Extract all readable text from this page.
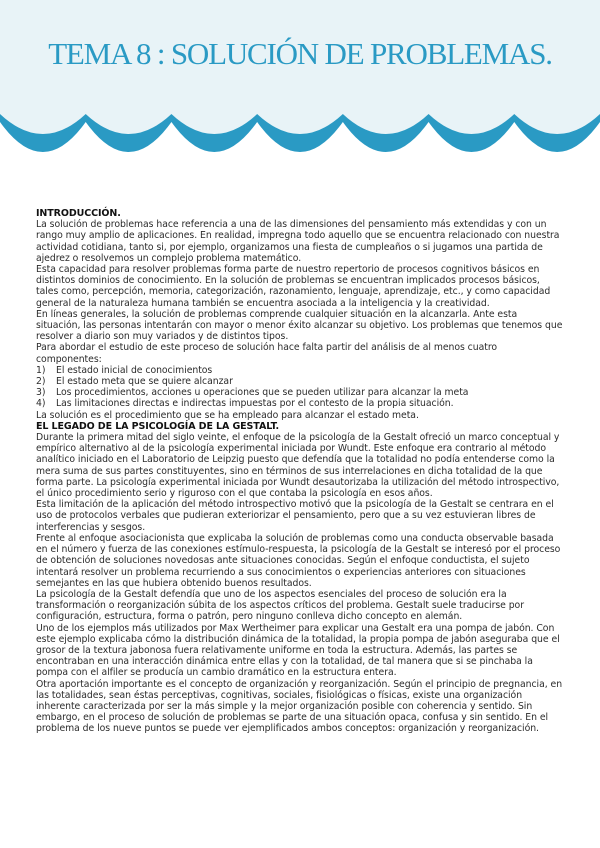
TEMA 8 : SOLUCIÓN DE PROBLEMAS.

INTRODUCCIÓN.

La solución de problemas hace referencia a una de las dimensiones del pensamiento más extendidas y con un rango muy amplio de aplicaciones. En realidad, impregna todo aquello que se encuentra relacionado con nuestra actividad cotidiana, tanto si, por ejemplo, organizamos una fiesta de cumpleaños o si jugamos una partida de ajedrez o resolvemos un complejo problema matemático.

Esta capacidad para resolver problemas forma parte de nuestro repertorio de procesos cognitivos básicos en distintos dominios de conocimiento. En la solución de problemas se encuentran implicados procesos básicos, tales como, percepción, memoria, categorización, razonamiento, lenguaje, aprendizaje, etc., y como capacidad general de la naturaleza humana también se encuentra asociada a la inteligencia y la creatividad.

En líneas generales, la solución de problemas comprende cualquier situación en la alcanzarla. Ante esta situación, las personas intentarán con mayor o menor éxito alcanzar su objetivo. Los problemas que tenemos que resolver a diario son muy variados y de distintos tipos.

Para abordar el estudio de este proceso de solución hace falta partir del análisis de al menos cuatro componentes:

1) El estado inicial de conocimientos
2) El estado meta que se quiere alcanzar
3) Los procedimientos, acciones u operaciones que se pueden utilizar para alcanzar la meta
4) Las limitaciones directas e indirectas impuestas por el contesto de la propia situación.

La solución es el procedimiento que se ha empleado para alcanzar el estado meta.

EL LEGADO DE LA PSICOLOGÍA DE LA GESTALT.

Durante la primera mitad del siglo veinte, el enfoque de la psicología de la Gestalt ofreció un marco conceptual y empírico alternativo al de la psicología experimental iniciada por Wundt. Este enfoque era contrario al método analítico iniciado en el Laboratorio de Leipzig puesto que defendía que la totalidad no podía entenderse como la mera suma de sus partes constituyentes, sino en términos de sus interrelaciones en dicha totalidad de la que forma parte. La psicología experimental iniciada por Wundt desautorizaba la utilización del método introspectivo, el único procedimiento serio y riguroso con el que contaba la psicología en esos años.

Esta limitación de la aplicación del método introspectivo motivó que la psicología de la Gestalt se centrara en el uso de protocolos verbales que pudieran exteriorizar el pensamiento, pero que a su vez estuvieran libres de interferencias y sesgos.

Frente al enfoque asociacionista que explicaba la solución de problemas como una conducta observable basada en el número y fuerza de las conexiones estímulo-respuesta, la psicología de la Gestalt se interesó por el proceso de obtención de soluciones novedosas ante situaciones conocidas. Según el enfoque conductista, el sujeto intentará resolver un problema recurriendo a sus conocimientos o experiencias anteriores con situaciones semejantes en las que hubiera obtenido buenos resultados.

La psicología de la Gestalt defendía que uno de los aspectos esenciales del proceso de solución era la transformación o reorganización súbita de los aspectos críticos del problema. Gestalt suele traducirse por configuración, estructura, forma o patrón, pero ninguno conlleva dicho concepto en alemán.

Uno de los ejemplos más utilizados por Max Wertheimer para explicar una Gestalt era una pompa de jabón. Con este ejemplo explicaba cómo la distribución dinámica de la totalidad, la propia pompa de jabón aseguraba que el grosor de la textura jabonosa fuera relativamente uniforme en toda la estructura. Además, las partes se encontraban en una interacción dinámica entre ellas y con la totalidad, de tal manera que si se pinchaba la pompa con el alfiler se producía un cambio dramático en la estructura entera.

Otra aportación importante es el concepto de organización y reorganización. Según el principio de pregnancia, en las totalidades, sean éstas perceptivas, cognitivas, sociales, fisiológicas o físicas, existe una organización inherente caracterizada por ser la más simple y la mejor organización posible con coherencia y sentido. Sin embargo, en el proceso de solución de problemas se parte de una situación opaca, confusa y sin sentido. En el problema de los nueve puntos se puede ver ejemplificados ambos conceptos: organización y reorganización.
